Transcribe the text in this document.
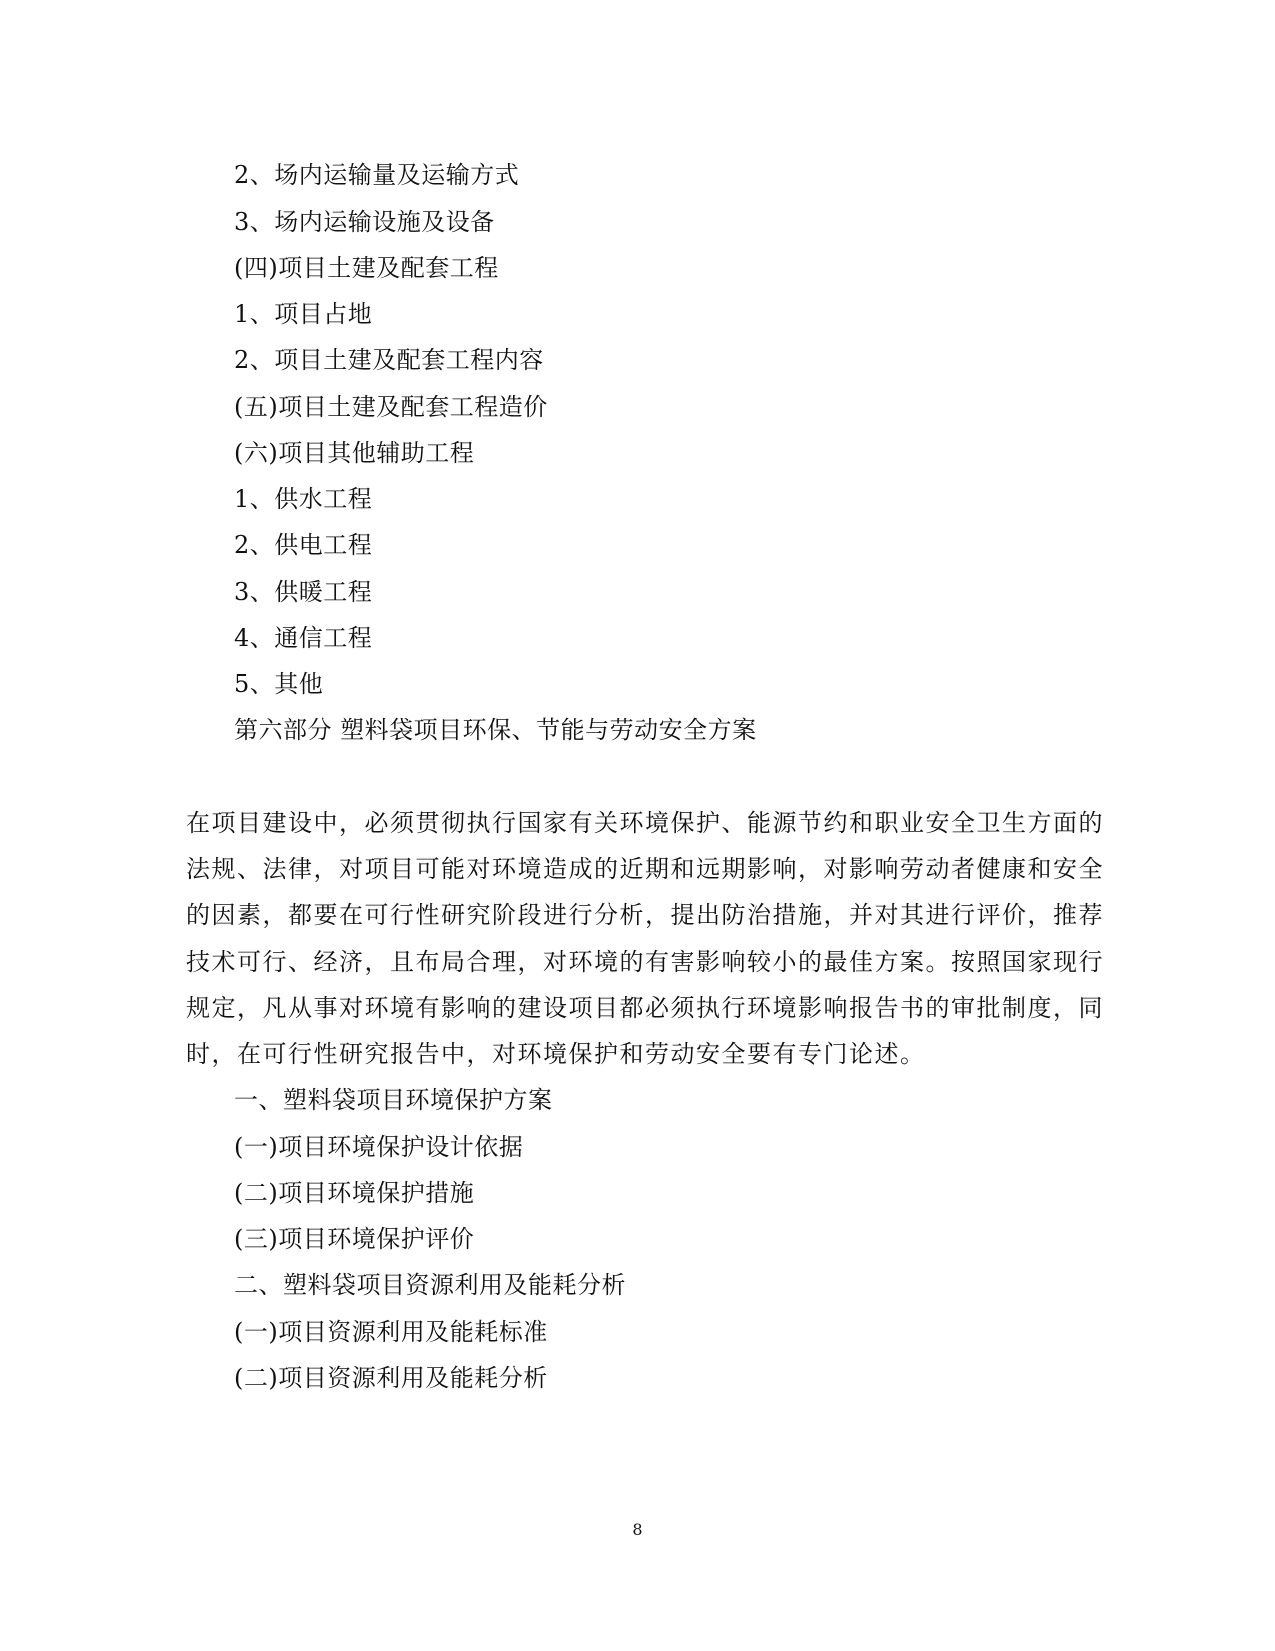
2、场内运输量及运输方式
3、场内运输设施及设备
(四)项目土建及配套工程
1、项目占地
2、项目土建及配套工程内容
(五)项目土建及配套工程造价
(六)项目其他辅助工程
1、供水工程
2、供电工程
3、供暖工程
4、通信工程
5、其他
第六部分 塑料袋项目环保、节能与劳动安全方案
在项目建设中，必须贯彻执行国家有关环境保护、能源节约和职业安全卫生方面的
法规、法律，对项目可能对环境造成的近期和远期影响，对影响劳动者健康和安全
的因素，都要在可行性研究阶段进行分析，提出防治措施，并对其进行评价，推荐
技术可行、经济，且布局合理，对环境的有害影响较小的最佳方案。按照国家现行
规定，凡从事对环境有影响的建设项目都必须执行环境影响报告书的审批制度，同
时，在可行性研究报告中，对环境保护和劳动安全要有专门论述。
一、塑料袋项目环境保护方案
(一)项目环境保护设计依据
(二)项目环境保护措施
(三)项目环境保护评价
二、塑料袋项目资源利用及能耗分析
(一)项目资源利用及能耗标准
(二)项目资源利用及能耗分析
8
